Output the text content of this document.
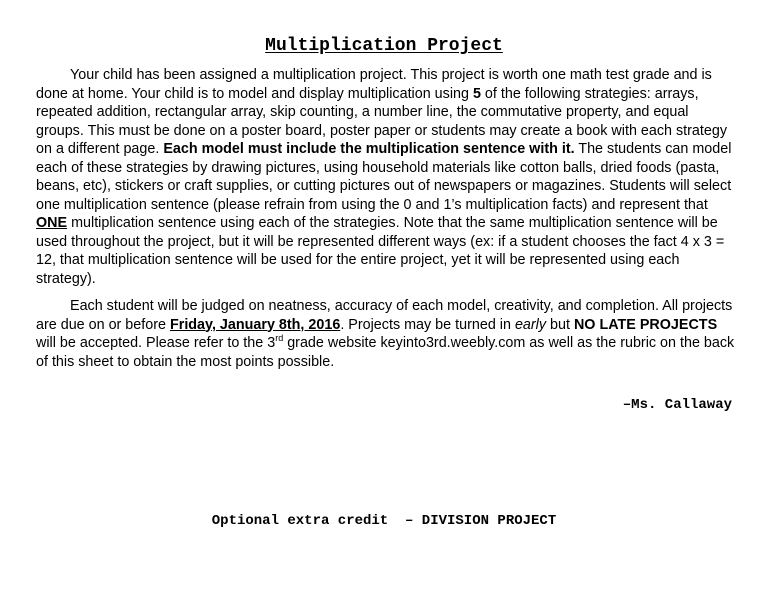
Multiplication Project

Your child has been assigned a multiplication project. This project is worth one math test grade and is done at home. Your child is to model and display multiplication using 5 of the following strategies: arrays, repeated addition, rectangular array, skip counting, a number line, the commutative property, and equal groups. This must be done on a poster board, poster paper or students may create a book with each strategy on a different page. Each model must include the multiplication sentence with it. The students can model each of these strategies by drawing pictures, using household materials like cotton balls, dried foods (pasta, beans, etc), stickers or craft supplies, or cutting pictures out of newspapers or magazines. Students will select one multiplication sentence (please refrain from using the 0 and 1’s multiplication facts) and represent that ONE multiplication sentence using each of the strategies. Note that the same multiplication sentence will be used throughout the project, but it will be represented different ways (ex: if a student chooses the fact 4 x 3 = 12, that multiplication sentence will be used for the entire project, yet it will be represented using each strategy).

Each student will be judged on neatness, accuracy of each model, creativity, and completion. All projects are due on or before Friday, January 8th, 2016. Projects may be turned in early but NO LATE PROJECTS will be accepted. Please refer to the 3rd grade website keyinto3rd.weebly.com as well as the rubric on the back of this sheet to obtain the most points possible.

–Ms. Callaway
Optional extra credit  – DIVISION PROJECT
